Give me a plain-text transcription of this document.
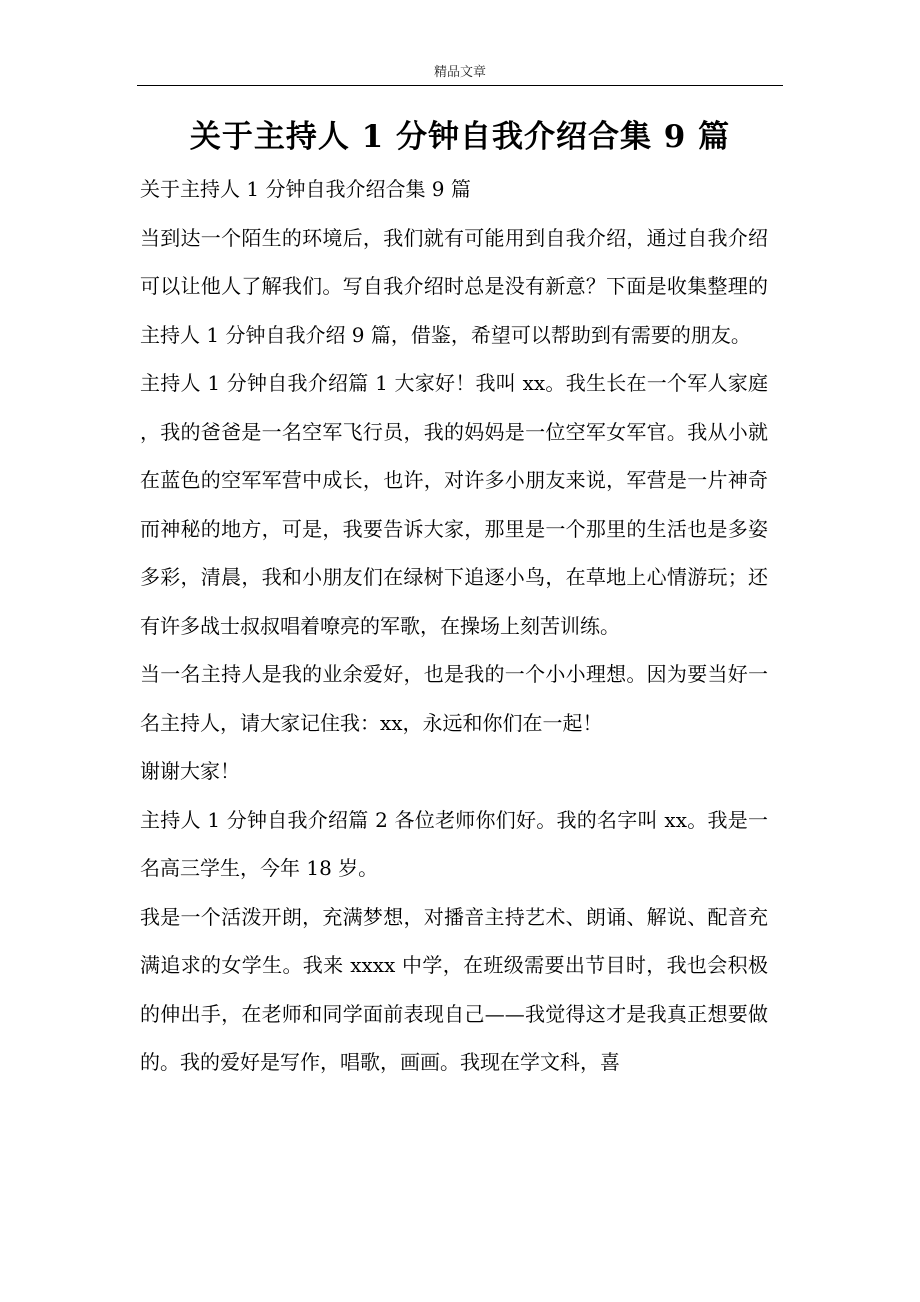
精品文章
关于主持人 1 分钟自我介绍合集 9 篇

关于主持人 1 分钟自我介绍合集 9 篇

当到达一个陌生的环境后，我们就有可能用到自我介绍，通过自我介绍可以让他人了解我们。写自我介绍时总是没有新意？下面是收集整理的主持人 1 分钟自我介绍 9 篇，借鉴，希望可以帮助到有需要的朋友。

主持人 1 分钟自我介绍篇 1 大家好！我叫 xx。我生长在一个军人家庭，我的爸爸是一名空军飞行员，我的妈妈是一位空军女军官。我从小就在蓝色的空军军营中成长，也许，对许多小朋友来说，军营是一片神奇而神秘的地方，可是，我要告诉大家，那里是一个那里的生活也是多姿多彩，清晨，我和小朋友们在绿树下追逐小鸟，在草地上心情游玩；还有许多战士叔叔唱着嘹亮的军歌，在操场上刻苦训练。

当一名主持人是我的业余爱好，也是我的一个小小理想。因为要当好一名主持人，请大家记住我：xx，永远和你们在一起！

谢谢大家！

主持人 1 分钟自我介绍篇 2 各位老师你们好。我的名字叫 xx。我是一名高三学生，今年 18 岁。

我是一个活泼开朗，充满梦想，对播音主持艺术、朗诵、解说、配音充满追求的女学生。我来 xxxx 中学，在班级需要出节目时，我也会积极的伸出手，在老师和同学面前表现自己——我觉得这才是我真正想要做的。我的爱好是写作，唱歌，画画。我现在学文科，喜
